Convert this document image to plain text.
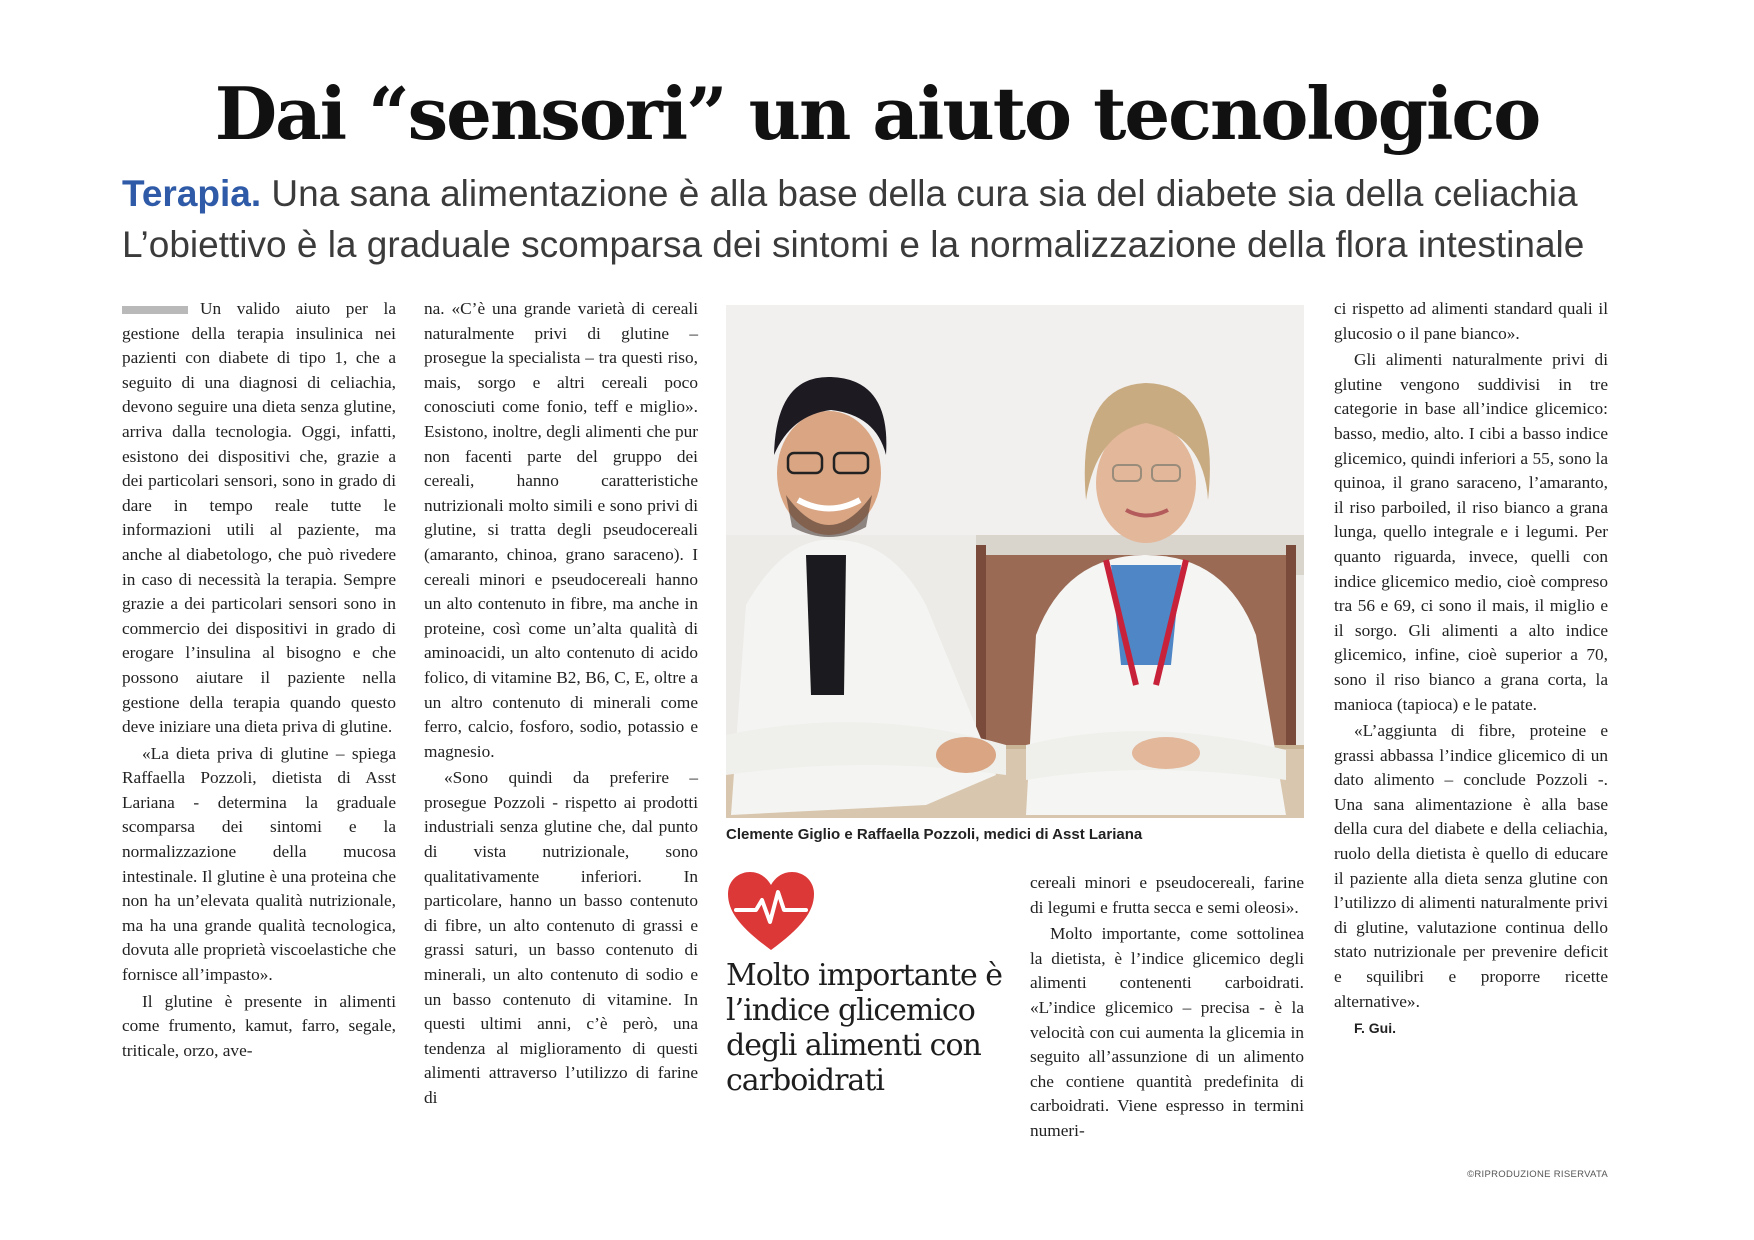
Dai “sensori” un aiuto tecnologico
Terapia. Una sana alimentazione è alla base della cura sia del diabete sia della celiachia
L’obiettivo è la graduale scomparsa dei sintomi e la normalizzazione della flora intestinale

Un valido aiuto per la gestione della terapia insulinica nei pazienti con diabete di tipo 1, che a seguito di una diagnosi di celiachia, devono seguire una dieta senza glutine, arriva dalla tecnologia. Oggi, infatti, esistono dei dispositivi che, grazie a dei particolari sensori, sono in grado di dare in tempo reale tutte le informazioni utili al paziente, ma anche al diabetologo, che può rivedere in caso di necessità la terapia. Sempre grazie a dei particolari sensori sono in commercio dei dispositivi in grado di erogare l’insulina al bisogno e che possono aiutare il paziente nella gestione della terapia quando questo deve iniziare una dieta priva di glutine.

«La dieta priva di glutine – spiega Raffaella Pozzoli, dietista di Asst Lariana - determina la graduale scomparsa dei sintomi e la normalizzazione della mucosa intestinale. Il glutine è una proteina che non ha un’elevata qualità nutrizionale, ma ha una grande qualità tecnologica, dovuta alle proprietà viscoelastiche che fornisce all’impasto».

Il glutine è presente in alimenti come frumento, kamut, farro, segale, triticale, orzo, ave-

na. «C’è una grande varietà di cereali naturalmente privi di glutine – prosegue la specialista – tra questi riso, mais, sorgo e altri cereali poco conosciuti come fonio, teff e miglio». Esistono, inoltre, degli alimenti che pur non facenti parte del gruppo dei cereali, hanno caratteristiche nutrizionali molto simili e sono privi di glutine, si tratta degli pseudocereali (amaranto, chinoa, grano saraceno). I cereali minori e pseudocereali hanno un alto contenuto in fibre, ma anche in proteine, così come un’alta qualità di aminoacidi, un alto contenuto di acido folico, di vitamine B2, B6, C, E, oltre a un altro contenuto di minerali come ferro, calcio, fosforo, sodio, potassio e magnesio.

«Sono quindi da preferire – prosegue Pozzoli - rispetto ai prodotti industriali senza glutine che, dal punto di vista nutrizionale, sono qualitativamente inferiori. In particolare, hanno un basso contenuto di fibre, un alto contenuto di grassi e grassi saturi, un basso contenuto di minerali, un alto contenuto di sodio e un basso contenuto di vitamine. In questi ultimi anni, c’è però, una tendenza al miglioramento di questi alimenti attraverso l’utilizzo di farine di

Clemente Giglio e Raffaella Pozzoli, medici di Asst Lariana
Molto importante è l’indice glicemico degli alimenti con carboidrati

cereali minori e pseudocereali, farine di legumi e frutta secca e semi oleosi».

Molto importante, come sottolinea la dietista, è l’indice glicemico degli alimenti contenenti carboidrati. «L’indice glicemico – precisa - è la velocità con cui aumenta la glicemia in seguito all’assunzione di un alimento che contiene quantità predefinita di carboidrati. Viene espresso in termini numeri-

ci rispetto ad alimenti standard quali il glucosio o il pane bianco».

Gli alimenti naturalmente privi di glutine vengono suddivisi in tre categorie in base all’indice glicemico: basso, medio, alto. I cibi a basso indice glicemico, quindi inferiori a 55, sono la quinoa, il grano saraceno, l’amaranto, il riso parboiled, il riso bianco a grana lunga, quello integrale e i legumi. Per quanto riguarda, invece, quelli con indice glicemico medio, cioè compreso tra 56 e 69, ci sono il mais, il miglio e il sorgo. Gli alimenti a alto indice glicemico, infine, cioè superior a 70, sono il riso bianco a grana corta, la manioca (tapioca) e le patate.

«L’aggiunta di fibre, proteine e grassi abbassa l’indice glicemico di un dato alimento – conclude Pozzoli -. Una sana alimentazione è alla base della cura del diabete e della celiachia, ruolo della dietista è quello di educare il paziente alla dieta senza glutine con l’utilizzo di alimenti naturalmente privi di glutine, valutazione continua dello stato nutrizionale per prevenire deficit e squilibri e proporre ricette alternative».

F. Gui.

©RIPRODUZIONE RISERVATA
